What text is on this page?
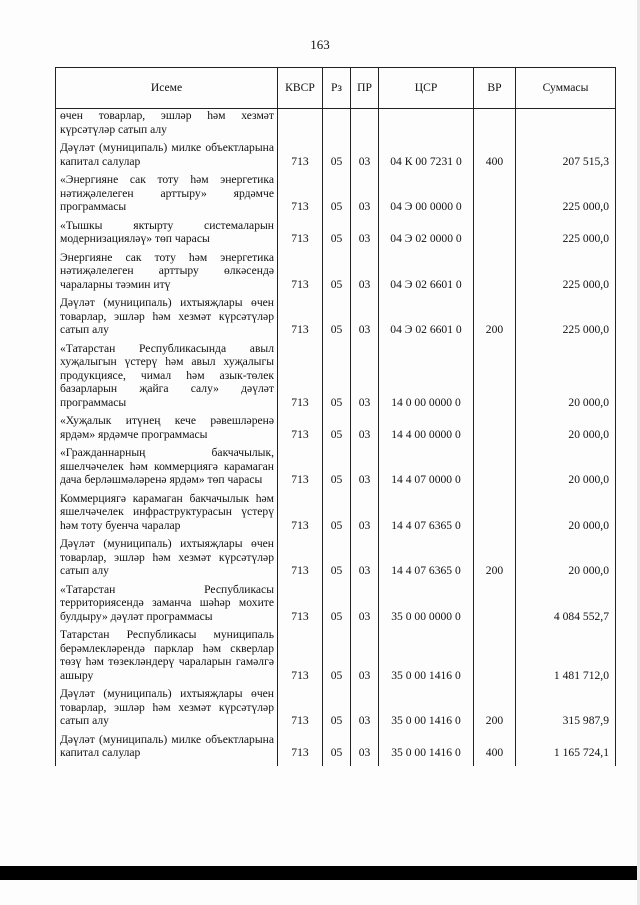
163
Исеме	КВСР	Рз	ПР	ЦСР	ВР	Суммасы
өчен товарлар, эшләр һәм хезмәт күрсәтүләр сатып алу						
Дәүләт (муниципаль) милке объектларына капитал салулар	713	05	03	04 К 00 7231 0	400	207 515,3
«Энергияне сак тоту һәм энергетика нәтиҗәлелеген арттыру» ярдәмче программасы	713	05	03	04 Э 00 0000 0		225 000,0
«Тышкы яктырту системаларын модернизацияләү» төп чарасы	713	05	03	04 Э 02 0000 0		225 000,0
Энергияне сак тоту һәм энергетика нәтиҗәлелеген арттыру өлкәсендә чараларны тәэмин итү	713	05	03	04 Э 02 6601 0		225 000,0
Дәүләт (муниципаль) ихтыяҗлары өчен товарлар, эшләр һәм хезмәт күрсәтүләр сатып алу	713	05	03	04 Э 02 6601 0	200	225 000,0
«Татарстан Республикасында авыл хуҗалыгын үстерү һәм авыл хуҗалыгы продукциясе, чимал һәм азык-төлек базарларын җайга салу» дәүләт программасы	713	05	03	14 0 00 0000 0		20 000,0
«Хуҗалык итүнең кече рәвешләренә ярдәм» ярдәмче программасы	713	05	03	14 4 00 0000 0		20 000,0
«Гражданнарның бакчачылык, яшелчәчелек һәм коммерциягә карамаган дача берләшмәләренә ярдәм» төп чарасы	713	05	03	14 4 07 0000 0		20 000,0
Коммерциягә карамаган бакчачылык һәм яшелчәчелек инфраструктурасын үстерү һәм тоту буенча чаралар	713	05	03	14 4 07 6365 0		20 000,0
Дәүләт (муниципаль) ихтыяҗлары өчен товарлар, эшләр һәм хезмәт күрсәтүләр сатып алу	713	05	03	14 4 07 6365 0	200	20 000,0
«Татарстан Республикасы территориясендә заманча шәһәр мохите булдыру» дәүләт программасы	713	05	03	35 0 00 0000 0		4 084 552,7
Татарстан Республикасы муниципаль берәмлекләрендә парклар һәм скверлар төзү һәм төзекләндерү чараларын гамәлгә ашыру	713	05	03	35 0 00 1416 0		1 481 712,0
Дәүләт (муниципаль) ихтыяҗлары өчен товарлар, эшләр һәм хезмәт күрсәтүләр сатып алу	713	05	03	35 0 00 1416 0	200	315 987,9
Дәүләт (муниципаль) милке объектларына капитал салулар	713	05	03	35 0 00 1416 0	400	1 165 724,1
